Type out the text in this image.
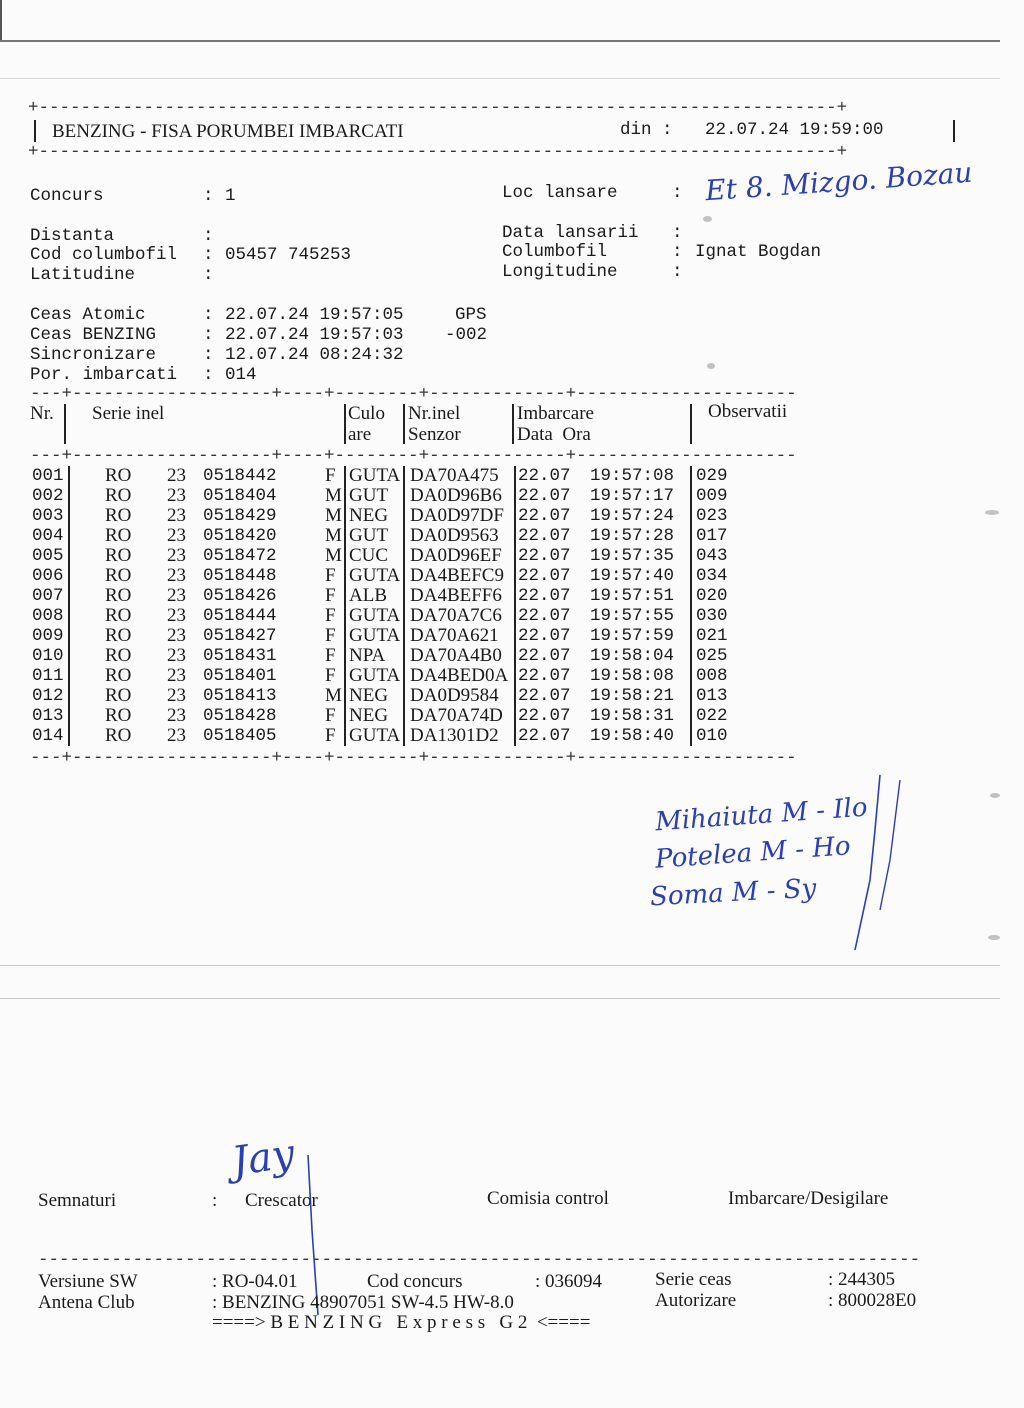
+----------------------------------------------------------------------------+
BENZING - FISA PORUMBEI IMBARCATI	din : 22.07.24 19:59:00
+----------------------------------------------------------------------------+
Concurs	: 1
Distanta	:
Cod columbofil : 05457 745253
Latitudine	:
Loc lansare	: Et 8. Mizgo. Bozau
Data lansarii :
Columbofil	: Ignat Bogdan
Longitudine	:
Ceas Atomic	: 22.07.24 19:57:05	GPS
Ceas BENZING	: 22.07.24 19:57:03 -002
Sincronizare	: 12.07.24 08:24:32
Por. imbarcati : 014
---+-------------------+----+--------+-------------+---------------------
Nr. Serie inel	Culo
are
Nr.inel
Senzor
Imbarcare
Data  Ora
Observatii
---+-------------------+----+--------+-------------+---------------------
001 RO 23 0518442	F GUTA DA70A475 22.07 19:57:08 029
002 RO 23 0518404	M GUT DA0D96B6 22.07 19:57:17 009
003 RO 23 0518429	M NEG DA0D97DF 22.07 19:57:24 023
004 RO 23 0518420	M GUT DA0D9563 22.07 19:57:28 017
005 RO 23 0518472	M CUC DA0D96EF 22.07 19:57:35 043
006 RO 23 0518448	F GUTA DA4BEFC9 22.07 19:57:40 034
007 RO 23 0518426	F ALB DA4BEFF6 22.07 19:57:51 020
008 RO 23 0518444	F GUTA DA70A7C6 22.07 19:57:55 030
009 RO 23 0518427	F GUTA DA70A621 22.07 19:57:59 021
010 RO 23 0518431	F NPA DA70A4B0 22.07 19:58:04 025
011 RO 23 0518401	F GUTA DA4BED0A 22.07 19:58:08 008
012 RO 23 0518413	M NEG DA0D9584 22.07 19:58:21 013
013 RO 23 0518428	F NEG DA70A74D 22.07 19:58:31 022
014 RO 23 0518405	F GUTA DA1301D2 22.07 19:58:40 010
---+-------------------+----+--------+-------------+---------------------
Mihaiuta M - Ilo
Potelea M - Ho
Soma M - Sy
Semnaturi	: Crescator	Comisia control	Imbarcare/Desigilare
Jay
------------------------------------------------------------------------------------
Versiune SW	: RO-04.01	Cod concurs	: 036094	Serie ceas	: 244305
Antena Club	: BENZING 48907051 SW-4.5 HW-8.0	Autorizare	: 800028E0
====> B E N Z I N G   E x p r e s s   G 2  <====
